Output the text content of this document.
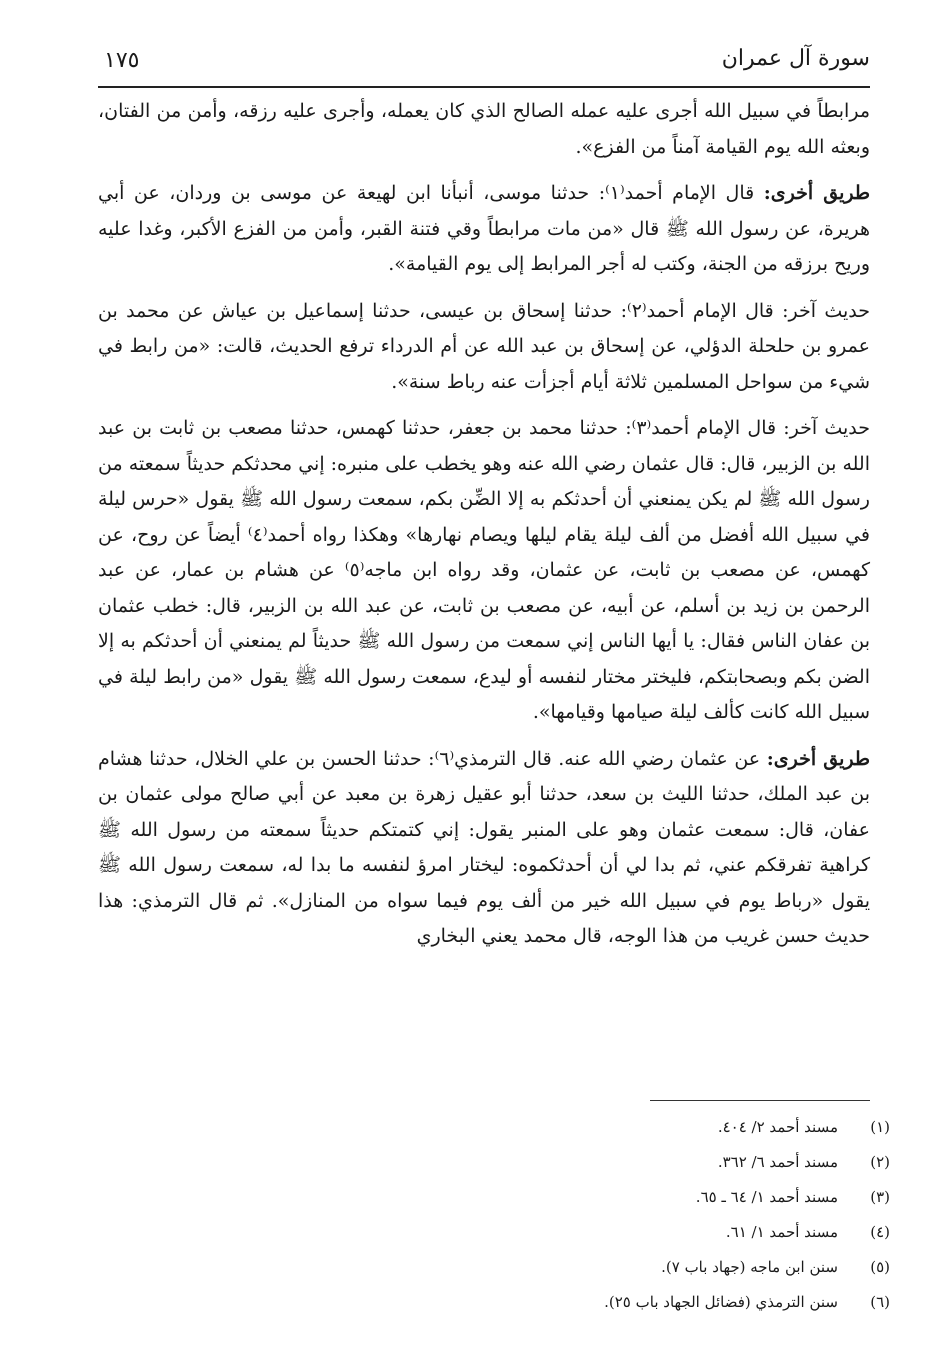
سورة آل عمران
١٧٥

مرابطاً في سبيل الله أجرى عليه عمله الصالح الذي كان يعمله، وأجرى عليه رزقه، وأمن من الفتان، وبعثه الله يوم القيامة آمناً من الفزع».

طريق أخرى: قال الإمام أحمد⁽١⁾: حدثنا موسى، أنبأنا ابن لهيعة عن موسى بن وردان، عن أبي هريرة، عن رسول الله ﷺ قال «من مات مرابطاً وقي فتنة القبر، وأمن من الفزع الأكبر، وغدا عليه وريح برزقه من الجنة، وكتب له أجر المرابط إلى يوم القيامة».

حديث آخر: قال الإمام أحمد⁽٢⁾: حدثنا إسحاق بن عيسى، حدثنا إسماعيل بن عياش عن محمد بن عمرو بن حلحلة الدؤلي، عن إسحاق بن عبد الله عن أم الدرداء ترفع الحديث، قالت: «من رابط في شيء من سواحل المسلمين ثلاثة أيام أجزأت عنه رباط سنة».

حديث آخر: قال الإمام أحمد⁽٣⁾: حدثنا محمد بن جعفر، حدثنا كهمس، حدثنا مصعب بن ثابت بن عبد الله بن الزبير، قال: قال عثمان رضي الله عنه وهو يخطب على منبره: إني محدثكم حديثاً سمعته من رسول الله ﷺ لم يكن يمنعني أن أحدثكم به إلا الضِّن بكم، سمعت رسول الله ﷺ يقول «حرس ليلة في سبيل الله أفضل من ألف ليلة يقام ليلها ويصام نهارها» وهكذا رواه أحمد⁽٤⁾ أيضاً عن روح، عن كهمس، عن مصعب بن ثابت، عن عثمان، وقد رواه ابن ماجه⁽٥⁾ عن هشام بن عمار، عن عبد الرحمن بن زيد بن أسلم، عن أبيه، عن مصعب بن ثابت، عن عبد الله بن الزبير، قال: خطب عثمان بن عفان الناس فقال: يا أيها الناس إني سمعت من رسول الله ﷺ حديثاً لم يمنعني أن أحدثكم به إلا الضن بكم وبصحابتكم، فليختر مختار لنفسه أو ليدع، سمعت رسول الله ﷺ يقول «من رابط ليلة في سبيل الله كانت كألف ليلة صيامها وقيامها».

طريق أخرى: عن عثمان رضي الله عنه. قال الترمذي⁽٦⁾: حدثنا الحسن بن علي الخلال، حدثنا هشام بن عبد الملك، حدثنا الليث بن سعد، حدثنا أبو عقيل زهرة بن معبد عن أبي صالح مولى عثمان بن عفان، قال: سمعت عثمان وهو على المنبر يقول: إني كتمتكم حديثاً سمعته من رسول الله ﷺ كراهية تفرقكم عني، ثم بدا لي أن أحدثكموه: ليختار امرؤ لنفسه ما بدا له، سمعت رسول الله ﷺ يقول «رباط يوم في سبيل الله خير من ألف يوم فيما سواه من المنازل». ثم قال الترمذي: هذا حديث حسن غريب من هذا الوجه، قال محمد يعني البخاري

(١)
مسند أحمد ٢/ ٤٠٤.
(٢)
مسند أحمد ٦/ ٣٦٢.
(٣)
مسند أحمد ١/ ٦٤ ـ ٦٥.
(٤)
مسند أحمد ١/ ٦١.
(٥)
سنن ابن ماجه (جهاد باب ٧).
(٦)
سنن الترمذي (فضائل الجهاد باب ٢٥).
